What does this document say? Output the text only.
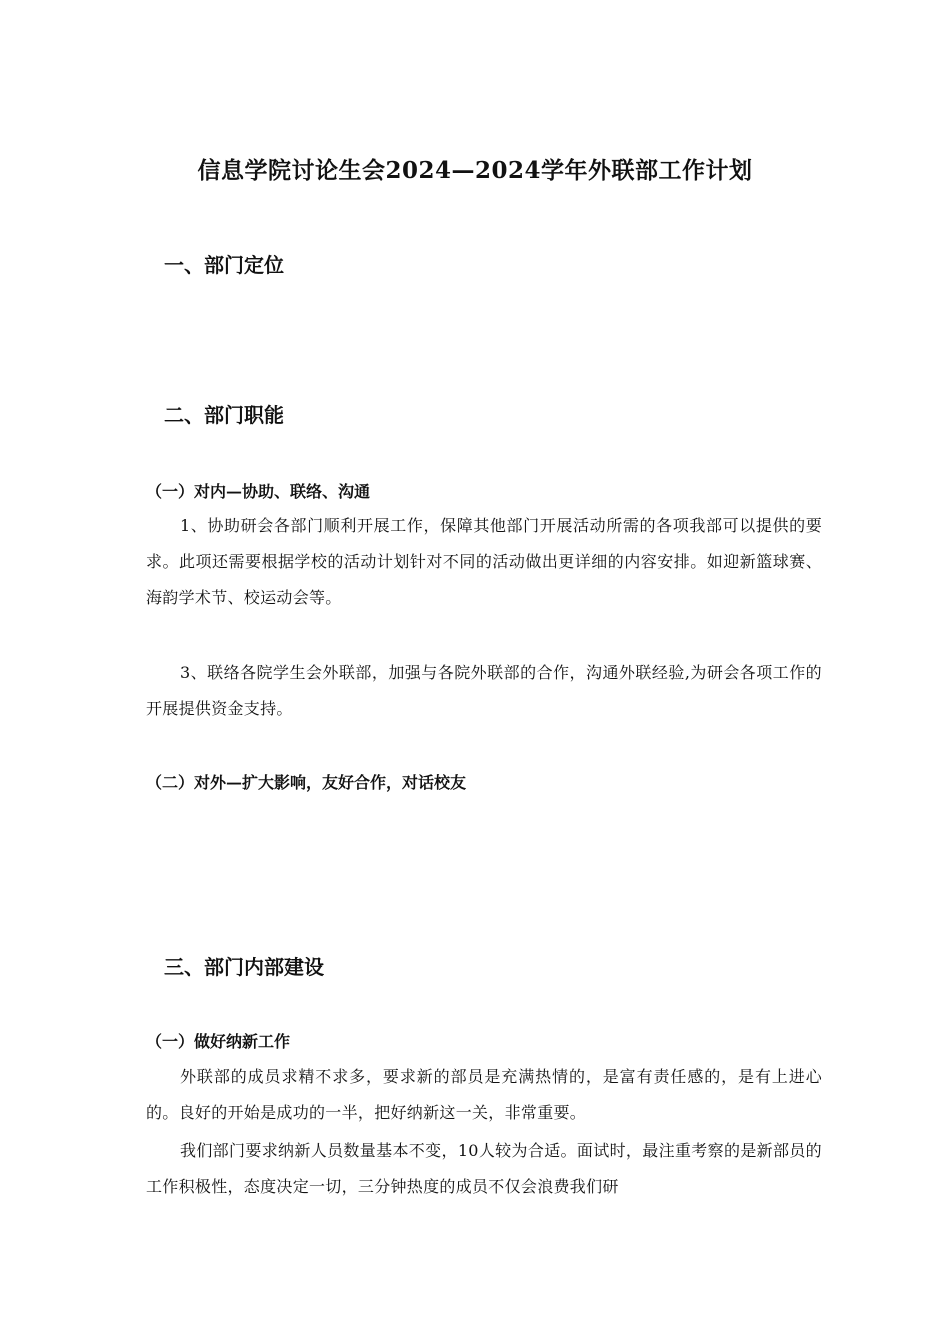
信息学院讨论生会2024—2024学年外联部工作计划
一、部门定位
二、部门职能
（一）对内—协助、联络、沟通

1、协助研会各部门顺利开展工作，保障其他部门开展活动所需的各项我部可以提供的要求。此项还需要根据学校的活动计划针对不同的活动做出更详细的内容安排。如迎新篮球赛、海韵学术节、校运动会等。

3、联络各院学生会外联部，加强与各院外联部的合作，沟通外联经验,为研会各项工作的开展提供资金支持。

（二）对外—扩大影响，友好合作，对话校友
三、部门内部建设
（一）做好纳新工作

外联部的成员求精不求多，要求新的部员是充满热情的，是富有责任感的，是有上进心的。良好的开始是成功的一半，把好纳新这一关，非常重要。

我们部门要求纳新人员数量基本不变，10人较为合适。面试时，最注重考察的是新部员的工作积极性，态度决定一切，三分钟热度的成员不仅会浪费我们研
